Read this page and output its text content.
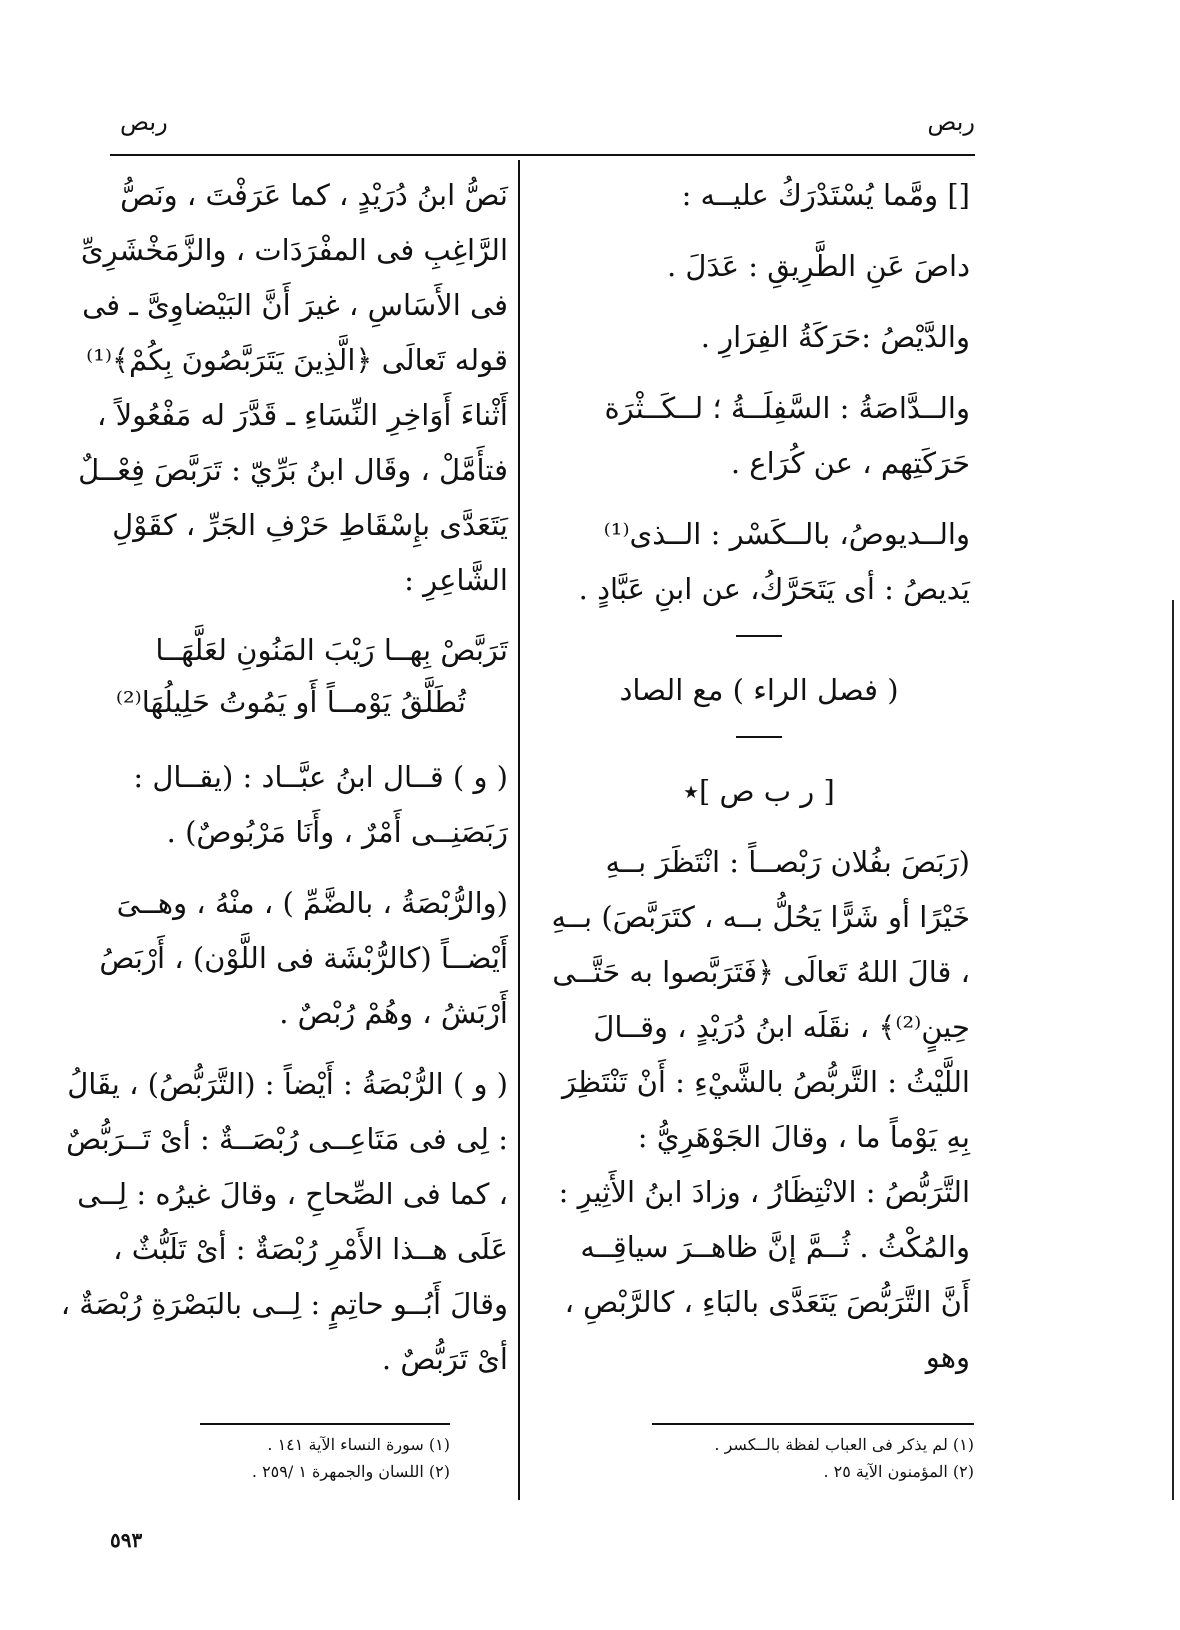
ربص
ربص

[] ومَّما يُسْتَدْرَكُ عليــه :

داصَ عَنِ الطَّرِيقِ : عَدَلَ .

والدَّيْصُ :حَرَكَةُ الفِرَارِ .

والــدَّاصَةُ : السَّفِلَــةُ ؛ لــكَــثْرَة حَرَكَتِهم ، عن كُرَاع .

والــديوصُ، بالــكَسْر : الــذى⁽¹⁾ يَديصُ : أى يَتَحَرَّكُ، عن ابنِ عَبَّادٍ .

( فصل الراء ) مع الصاد

[ ر ب ص ]٭

(رَبَصَ بفُلان رَبْصــاً : انْتَظَرَ بــهِ خَيْرًا أو شَرًّا يَحُلُّ بــه ، كتَرَبَّصَ) بــهِ ، قالَ اللهُ تَعالَى ﴿فَتَرَبَّصوا به حَتَّــى حِينٍ⁽²⁾﴾ ، نقَلَه ابنُ دُرَيْدٍ ، وقــالَ اللَّيْثُ : التَّربُّصُ بالشَّيْءِ : أَنْ تَنْتَظِرَ بِهِ يَوْماً ما ، وقالَ الجَوْهَرِيُّ : التَّرَبُّصُ : الانْتِظَارُ ، وزادَ ابنُ الأَثِيرِ : والمُكْثُ . ثُــمَّ إنَّ ظاهــرَ سياقِــه أَنَّ التَّرَبُّصَ يَتَعَدَّى بالبَاءِ ، كالرَّبْصِ ، وهو

نَصُّ ابنُ دُرَيْدٍ ، كما عَرَفْتَ ، ونَصُّ الرَّاغِبِ فى المفْرَدَات ، والزَّمَخْشَرِىِّ فى الأَسَاسِ ، غيرَ أَنَّ البَيْضاوِىَّ ـ فى قوله تَعالَى ﴿الَّذِينَ يَتَرَبَّصُونَ بِكُمْ﴾⁽¹⁾ أَثْناءَ أَوَاخِرِ النِّسَاءِ ـ قَدَّرَ له مَفْعُولاً ، فتأَمَّلْ ، وقَال ابنُ بَرِّيّ : تَرَبَّصَ فِعْــلٌ يَتَعَدَّى بإِسْقَاطِ حَرْفِ الجَرِّ ، كقَوْلِ الشَّاعِرِ :

تَرَبَّصْ بِهــا رَيْبَ المَنُونِ لعَلَّهَــا
تُطَلَّقُ يَوْمــاً أَو يَمُوتُ حَلِيلُهَا⁽²⁾

( و ) قــال ابنُ عبَّــاد : (يقــال : رَبَصَنِــى أَمْرٌ ، وأَنَا مَرْبُوصٌ) .

(والرُّبْصَةُ ، بالضَّمِّ ) ، منْهُ ، وهــىَ أَيْضــاً (كالرُّبْشَة فى اللَّوْن) ، أَرْبَصُ أَرْبَشُ ، وهُمْ رُبْصٌ .

( و ) الرُّبْصَةُ : أَيْضاً : (التَّرَبُّصُ) ، يقَالُ : لِى فى مَتَاعِــى رُبْصَــةٌ : أىْ تَــرَبُّصٌ ، كما فى الصِّحاحِ ، وقالَ غيرُه : لِــى عَلَى هــذا الأَمْرِ رُبْصَةٌ : أىْ تَلَبُّثٌ ، وقالَ أَبُــو حاتِمٍ : لِــى بالبَصْرَةِ رُبْصَةٌ ، أىْ تَرَبُّصٌ .

(١) لم يذكر فى العباب لفظة بالــكسر .
(٢) المؤمنون الآية ٢٥ .
(١) سورة النساء الآية ١٤١ .
(٢) اللسان والجمهرة ١ /٢٥٩ .
٥٩٣
